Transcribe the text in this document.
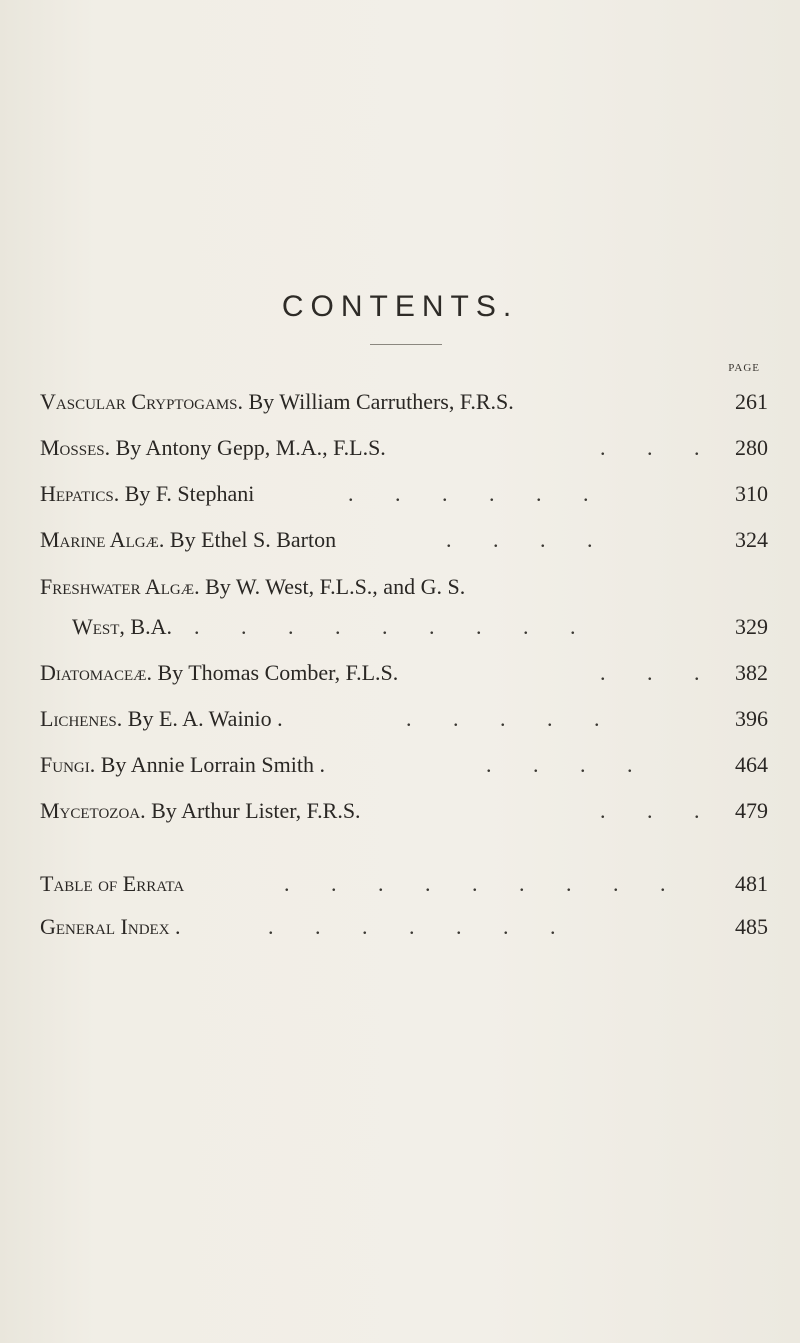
CONTENTS.
PAGE
Vascular Cryptogams. By William Carruthers, F.R.S.	261
Mosses. By Antony Gepp, M.A., F.L.S.	. . . 280
Hepatics. By F. Stephani	. . . . . .	310
Marine Algæ. By Ethel S. Barton	. . . .	324
Freshwater Algæ. By W. West, F.L.S., and G. S.
West, B.A. . . . . . . . . .	329
Diatomaceæ. By Thomas Comber, F.L.S.	. . . 382
Lichenes. By E. A. Wainio .	. . . . .	396
Fungi. By Annie Lorrain Smith .	. . . .	464
Mycetozoa. By Arthur Lister, F.R.S.	. . . 479
Table of Errata	. . . . . . . . . 481
General Index .	. . . . . . .	485
